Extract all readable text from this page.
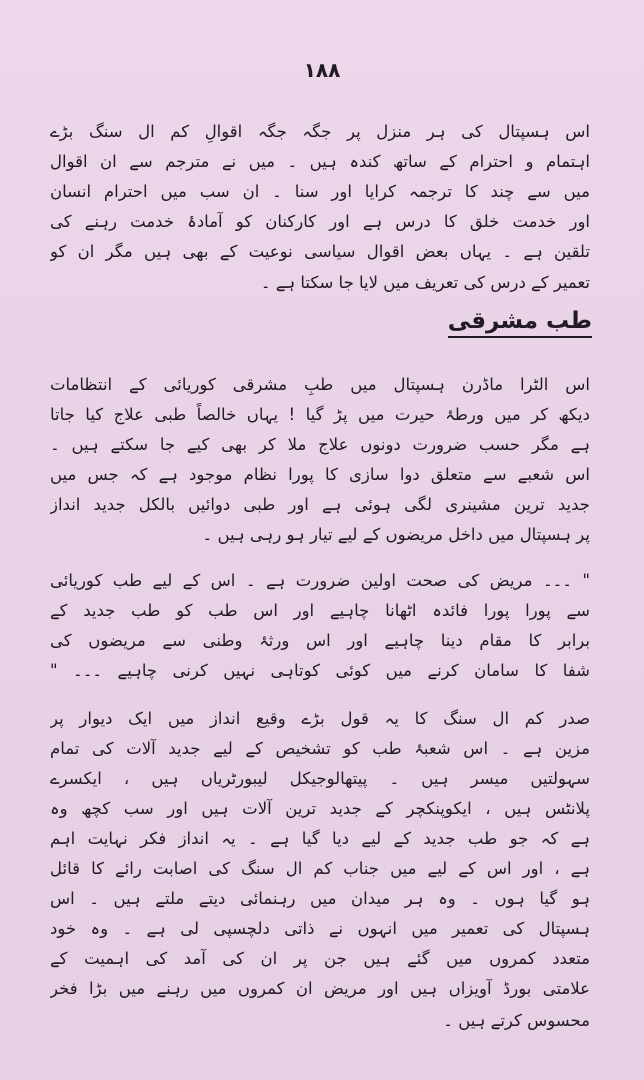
١٨٨
اس ہسپتال کی ہر منزل پر جگہ جگہ اقوالِ کم ال سنگ بڑے
اہتمام و احترام کے ساتھ کندہ ہیں ۔ میں نے مترجم سے ان اقوال
میں سے چند کا ترجمہ کرایا اور سنا ۔ ان سب میں احترام انسان
اور خدمت خلق کا درس ہے اور کارکنان کو آمادۂ خدمت رہنے کی
تلقین ہے ۔ یہاں بعض اقوال سیاسی نوعیت کے بھی ہیں مگر ان کو
تعمیر کے درس کی تعریف میں لایا جا سکتا ہے ۔
طب مشرقی
اس الٹرا ماڈرن ہسپتال میں طبِ مشرقی کوریائی کے انتظامات
دیکھ کر میں ورطۂ حیرت میں پڑ گیا ! یہاں خالصاً طبی علاج کیا جاتا
ہے مگر حسب ضرورت دونوں علاج ملا کر بھی کیے جا سکتے ہیں ۔
اس شعبے سے متعلق دوا سازی کا پورا نظام موجود ہے کہ جس میں
جدید ترین مشینری لگی ہوئی ہے اور طبی دوائیں بالکل جدید انداز
پر ہسپتال میں داخل مریضوں کے لیے تیار ہو رہی ہیں ۔
" ۔۔۔ مریض کی صحت اولین ضرورت ہے ۔ اس کے لیے طب کوریائی
سے پورا پورا فائدہ اٹھانا چاہیے اور اس طب کو طب جدید کے
برابر کا مقام دینا چاہیے اور اس ورثۂ وطنی سے مریضوں کی
شفا کا سامان کرنے میں کوئی کوتاہی نہیں کرنی چاہیے ۔۔۔ "
صدر کم ال سنگ کا یہ قول بڑے وقیع انداز میں ایک دیوار پر
مزین ہے ۔ اس شعبۂ طب کو تشخیص کے لیے جدید آلات کی تمام
سہولتیں میسر ہیں ۔ پیتھالوجیکل لیبورٹریاں ہیں ، ایکسرے
پلانٹس ہیں ، ایکوپنکچر کے جدید ترین آلات ہیں اور سب کچھ وہ
ہے کہ جو طب جدید کے لیے دیا گیا ہے ۔ یہ انداز فکر نہایت اہم
ہے ، اور اس کے لیے میں جناب کم ال سنگ کی اصابت رائے کا قائل
ہو گیا ہوں ۔ وہ ہر میدان میں رہنمائی دیتے ملتے ہیں ۔ اس
ہسپتال کی تعمیر میں انہوں نے ذاتی دلچسپی لی ہے ۔ وہ خود
متعدد کمروں میں گئے ہیں جن پر ان کی آمد کی اہمیت کے
علامتی بورڈ آویزاں ہیں اور مریض ان کمروں میں رہنے میں بڑا فخر
محسوس کرتے ہیں ۔
